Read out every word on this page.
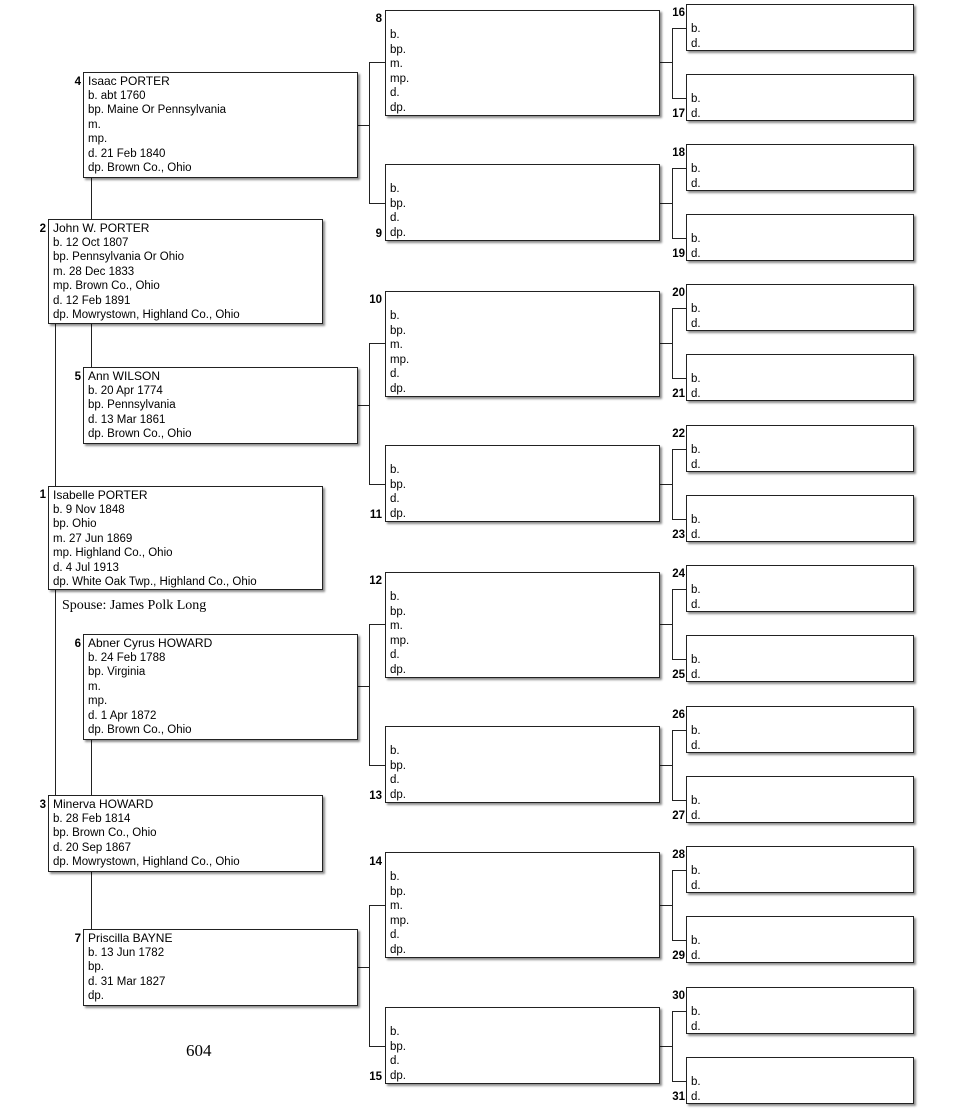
1 Isabelle PORTER
b. 9 Nov 1848
bp. Ohio
m. 27 Jun 1869
mp. Highland Co., Ohio
d. 4 Jul 1913
dp. White Oak Twp., Highland Co., Ohio
Spouse: James Polk Long
2 John W. PORTER
b. 12 Oct 1807
bp. Pennsylvania Or Ohio
m. 28 Dec 1833
mp. Brown Co., Ohio
d. 12 Feb 1891
dp. Mowrystown, Highland Co., Ohio
3 Minerva HOWARD
b. 28 Feb 1814
bp. Brown Co., Ohio
d. 20 Sep 1867
dp. Mowrystown, Highland Co., Ohio
4 Isaac PORTER
b. abt 1760
bp. Maine Or Pennsylvania
m.
mp.
d. 21 Feb 1840
dp. Brown Co., Ohio
5 Ann WILSON
b. 20 Apr 1774
bp. Pennsylvania
d. 13 Mar 1861
dp. Brown Co., Ohio
6 Abner Cyrus HOWARD
b. 24 Feb 1788
bp. Virginia
m.
mp.
d. 1 Apr 1872
dp. Brown Co., Ohio
7 Priscilla BAYNE
b. 13 Jun 1782
bp.
d. 31 Mar 1827
dp.
8
b.
bp.
m.
mp.
d.
dp.
9
b.
bp.
d.
dp.
10
b.
bp.
m.
mp.
d.
dp.
11
b.
bp.
d.
dp.
12
b.
bp.
m.
mp.
d.
dp.
13
b.
bp.
d.
dp.
14
b.
bp.
m.
mp.
d.
dp.
15
b.
bp.
d.
dp.
16
b.
d.
17
b.
d.
18
b.
d.
19
b.
d.
20
b.
d.
21
b.
d.
22
b.
d.
23
b.
d.
24
b.
d.
25
b.
d.
26
b.
d.
27
b.
d.
28
b.
d.
29
b.
d.
30
b.
d.
31
b.
d.
604
